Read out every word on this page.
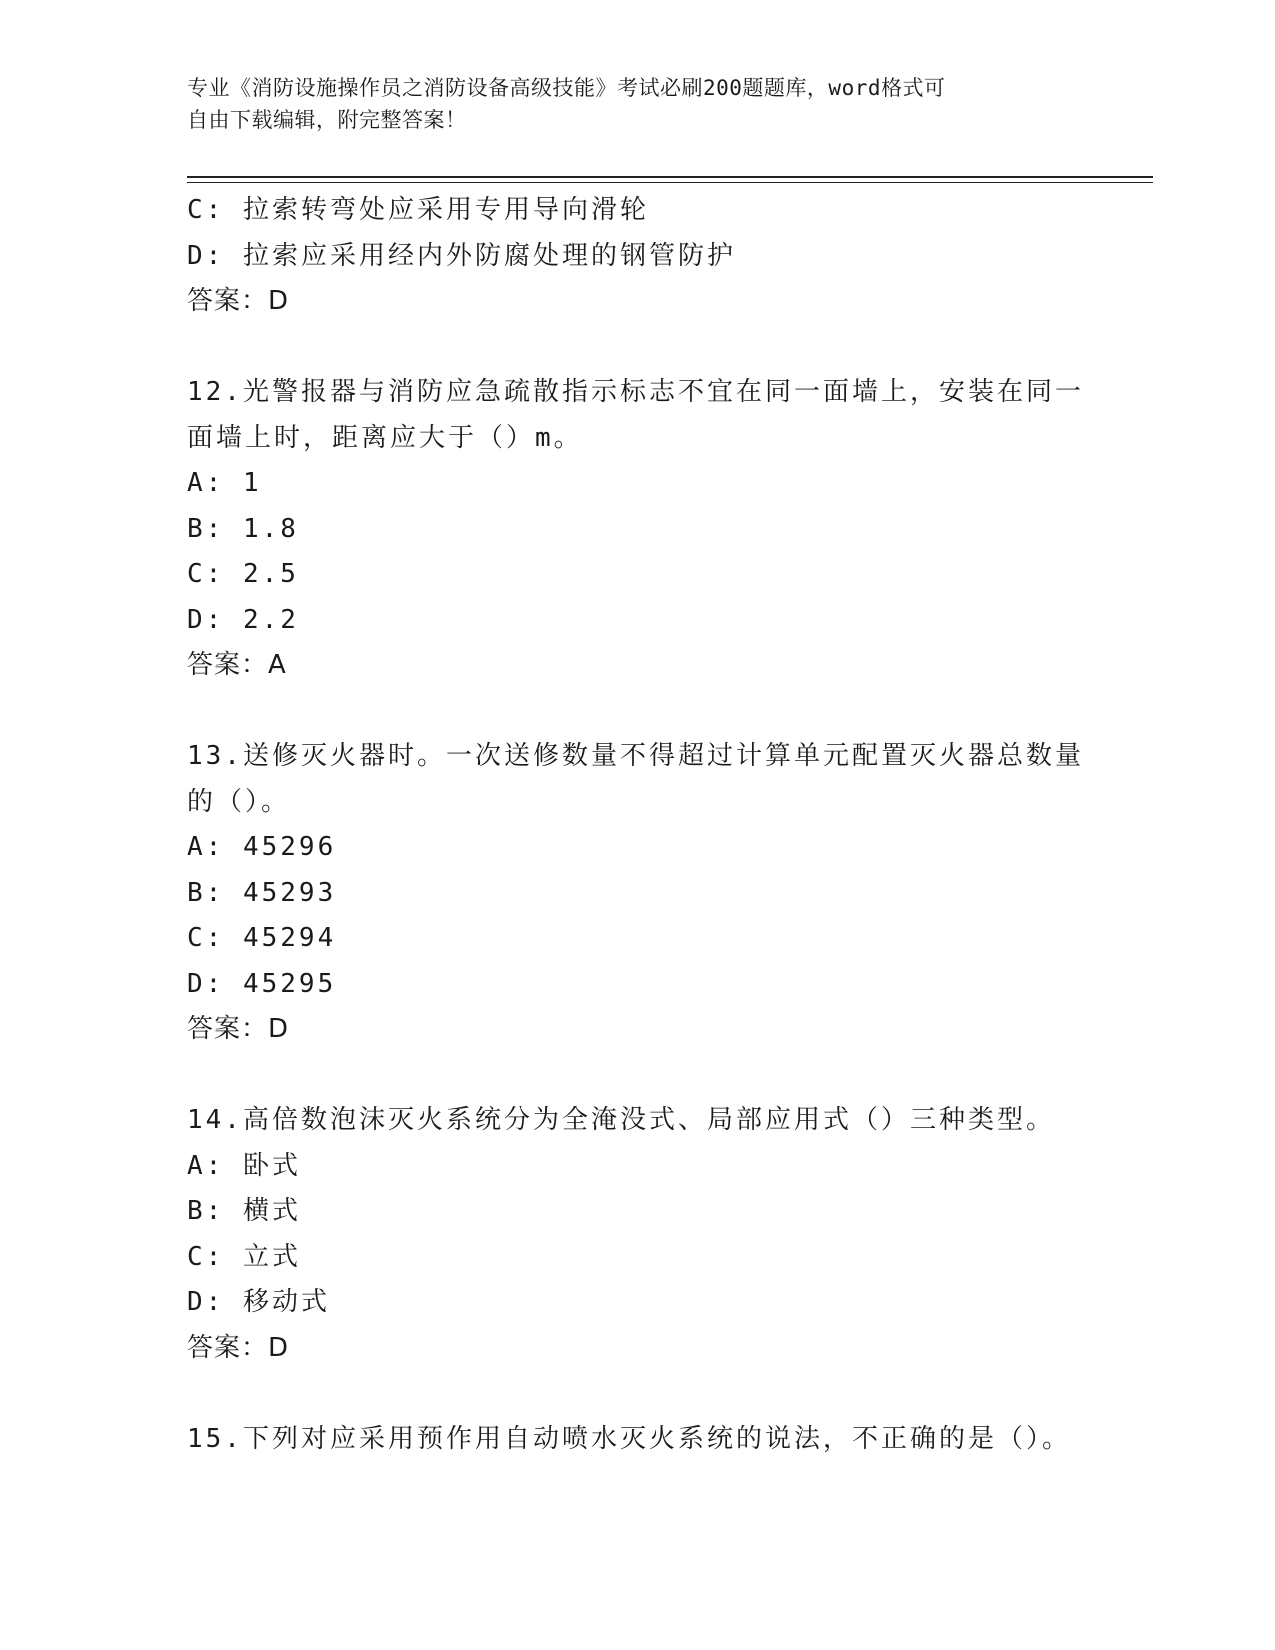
专业《消防设施操作员之消防设备高级技能》考试必刷200题题库，word格式可
自由下载编辑，附完整答案！
C: 拉索转弯处应采用专用导向滑轮
D: 拉索应采用经内外防腐处理的钢管防护
答案：D
12.光警报器与消防应急疏散指示标志不宜在同一面墙上，安装在同一
面墙上时，距离应大于（）m。
A: 1
B: 1.8
C: 2.5
D: 2.2
答案：A
13.送修灭火器时。一次送修数量不得超过计算单元配置灭火器总数量
的（）。
A: 45296
B: 45293
C: 45294
D: 45295
答案：D
14.高倍数泡沫灭火系统分为全淹没式、局部应用式（）三种类型。
A: 卧式
B: 横式
C: 立式
D: 移动式
答案：D
15.下列对应采用预作用自动喷水灭火系统的说法，不正确的是（）。
